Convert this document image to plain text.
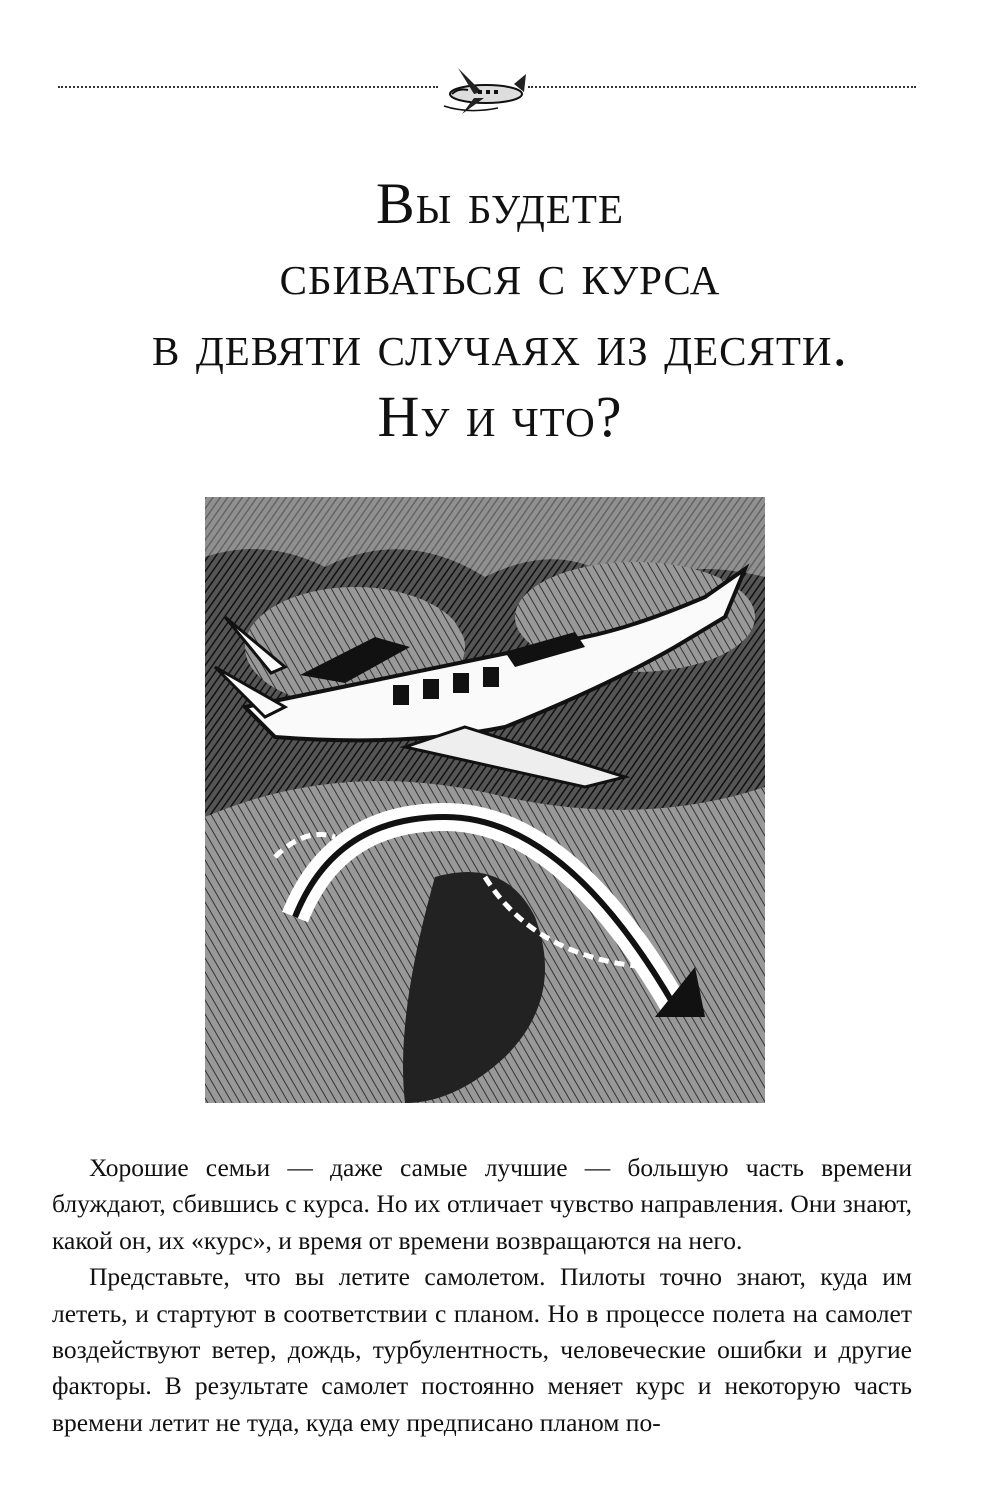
Вы будете
сбиваться с курса
в девяти случаях из десяти.
Ну и что?

Хорошие семьи — даже самые лучшие — большую часть времени блуждают, сбившись с курса. Но их отличает чувство направления. Они знают, какой он, их «курс», и время от времени возвращаются на него.

Представьте, что вы летите самолетом. Пилоты точно знают, куда им лететь, и стартуют в соответствии с планом. Но в процессе полета на самолет воздействуют ветер, дождь, турбулентность, человеческие ошибки и другие факторы. В результате самолет постоянно меняет курс и некоторую часть времени летит не туда, куда ему предписано планом по-
